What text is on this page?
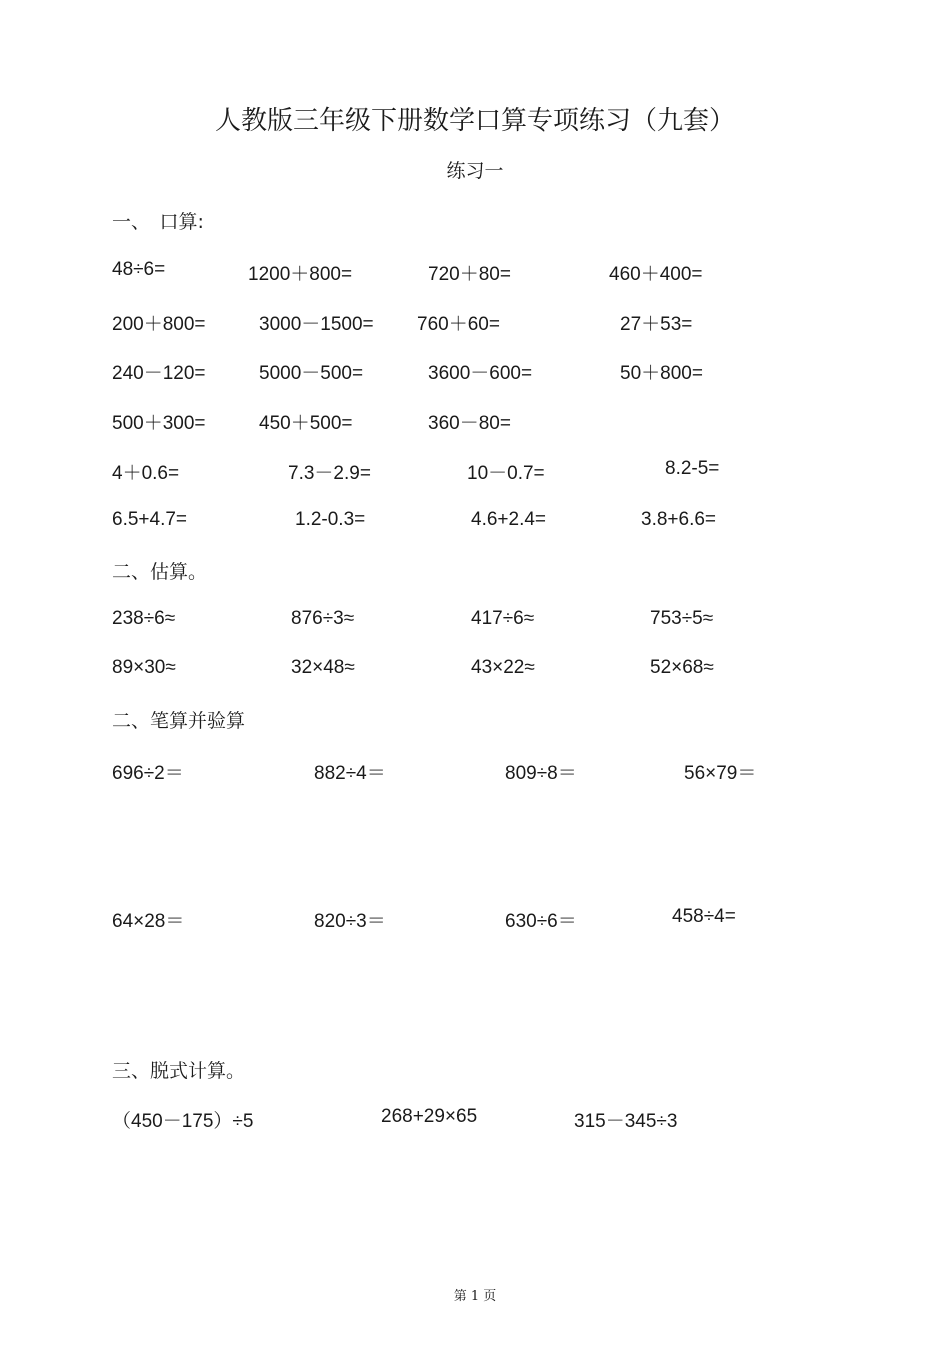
人教版三年级下册数学口算专项练习（九套）
练习一
一、　口算:
48÷6=	1200＋800=	720＋80=	460＋400=
200＋800=	3000－1500= 760＋60=	27＋53=
240－120=	5000－500=	3600－600=	50＋800=
500＋300=	450＋500=	360－80=
4＋0.6=	7.3－2.9=	10－0.7=	8.2-5=
6.5+4.7=	1.2-0.3=	4.6+2.4=	3.8+6.6=
二、估算。
238÷6≈	876÷3≈	417÷6≈	753÷5≈
89×30≈	32×48≈	43×22≈	52×68≈
二、笔算并验算
696÷2＝	882÷4＝	809÷8＝	56×79＝
64×28＝	820÷3＝	630÷6＝	458÷4=
三、脱式计算。
（450－175）÷5	268+29×65	315－345÷3
第 1 页
